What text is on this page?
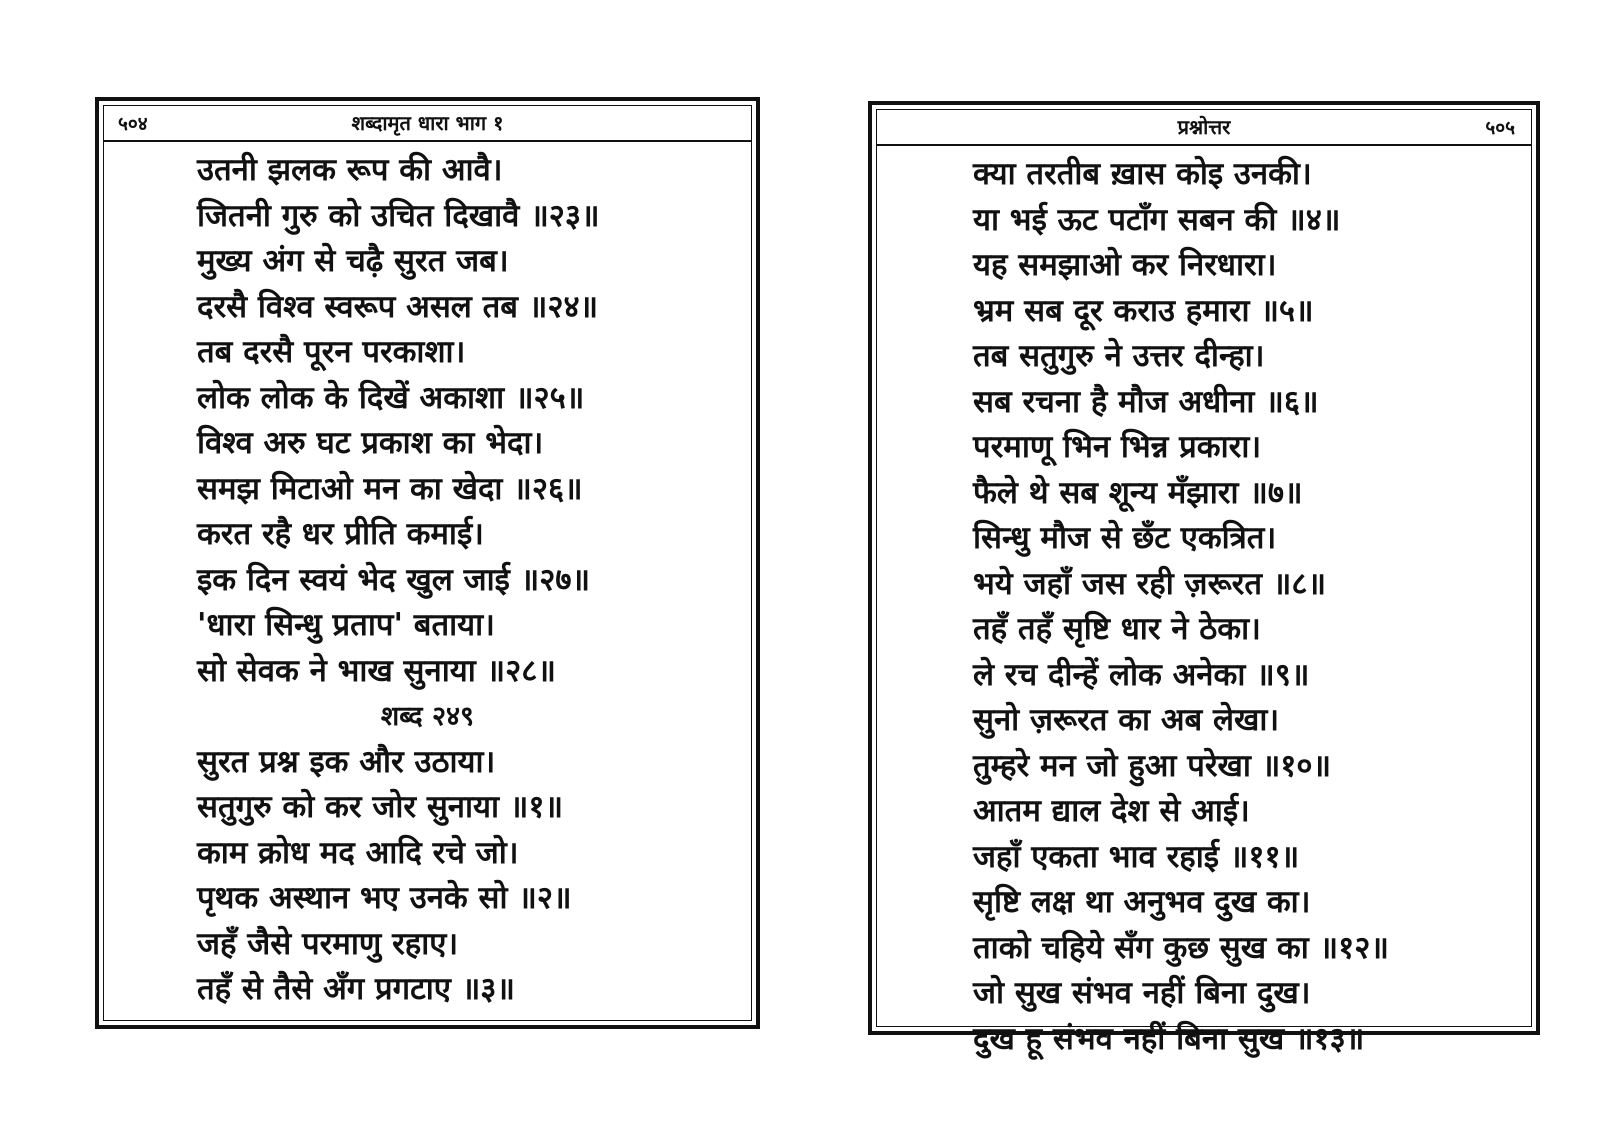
५०४	शब्दामृत धारा भाग १
उतनी झलक रूप की आवै।
जितनी गुरु को उचित दिखावै ॥२३॥
मुख्य अंग से चढ़ै सुरत जब।
दरसै विश्व स्वरूप असल तब ॥२४॥
तब दरसै पूरन परकाशा।
लोक लोक के दिखें अकाशा ॥२५॥
विश्व अरु घट प्रकाश का भेदा।
समझ मिटाओ मन का खेदा ॥२६॥
करत रहै धर प्रीति कमाई।
इक दिन स्वयं भेद खुल जाई ॥२७॥
'धारा सिन्धु प्रताप' बताया।
सो सेवक ने भाख सुनाया ॥२८॥
शब्द २४९
सुरत प्रश्न इक और उठाया।
सतुगुरु को कर जोर सुनाया ॥१॥
काम क्रोध मद आदि रचे जो।
पृथक अस्थान भए उनके सो ॥२॥
जहँ जैसे परमाणु रहाए।
तहँ से तैसे अँग प्रगटाए ॥३॥
प्रश्नोत्तर	५०५
क्या तरतीब ख़ास कोइ उनकी।
या भई ऊट पटाँग सबन की ॥४॥
यह समझाओ कर निरधारा।
भ्रम सब दूर कराउ हमारा ॥५॥
तब सतुगुरु ने उत्तर दीन्हा।
सब रचना है मौज अधीना ॥६॥
परमाणू भिन भिन्न प्रकारा।
फैले थे सब शून्य मँझारा ॥७॥
सिन्धु मौज से छँट एकत्रित।
भये जहाँ जस रही ज़रूरत ॥८॥
तहँ तहँ सृष्टि धार ने ठेका।
ले रच दीन्हें लोक अनेका ॥९॥
सुनो ज़रूरत का अब लेखा।
तुम्हरे मन जो हुआ परेखा ॥१०॥
आतम द्याल देश से आई।
जहाँ एकता भाव रहाई ॥११॥
सृष्टि लक्ष था अनुभव दुख का।
ताको चहिये सँग कुछ सुख का ॥१२॥
जो सुख संभव नहीं बिना दुख।
दुख हू संभव नहीं बिना सुख ॥१३॥
